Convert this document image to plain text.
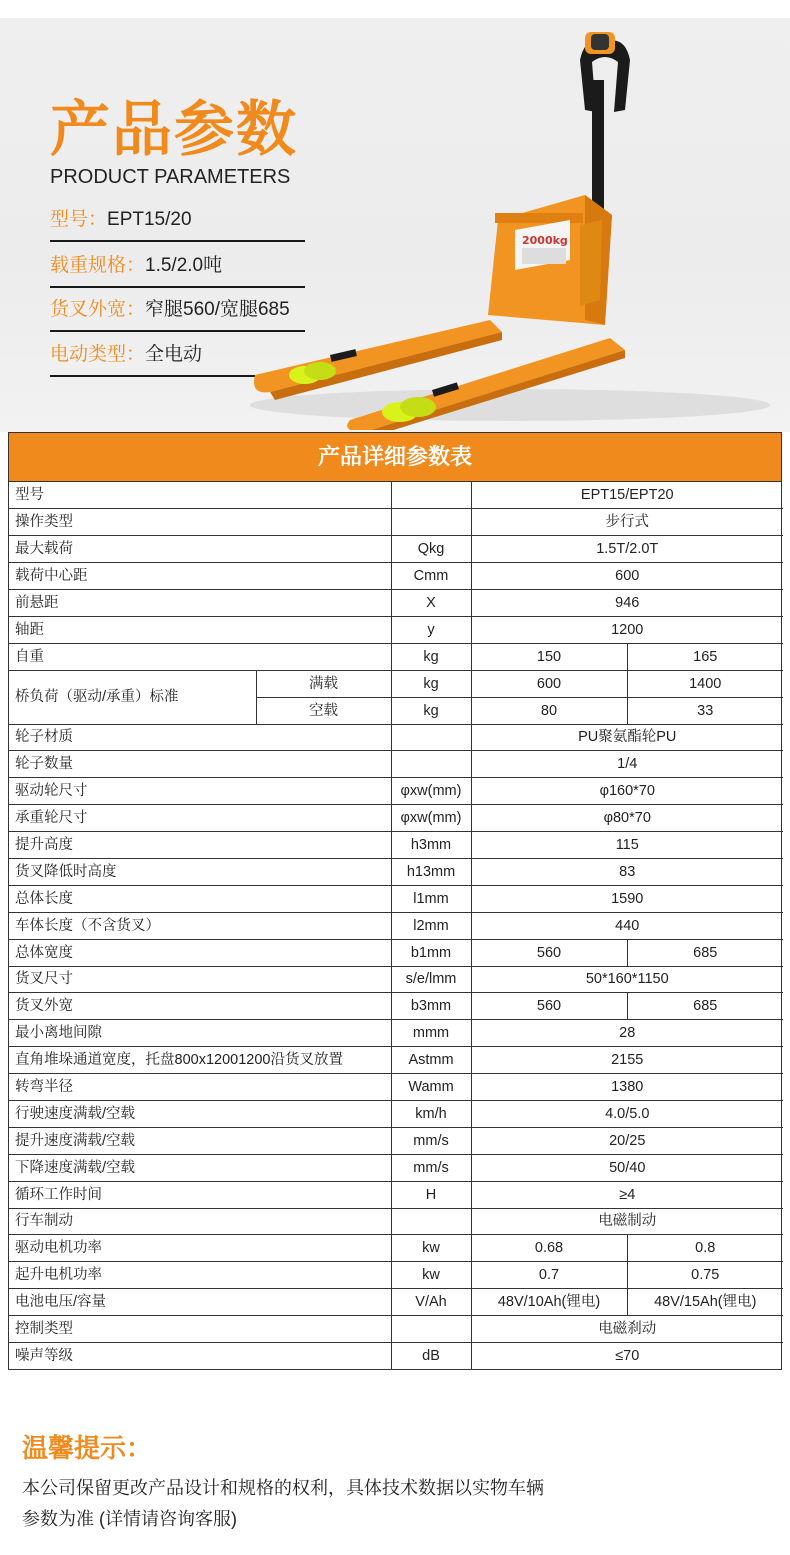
产品参数
PRODUCT PARAMETERS
型号：EPT15/20
载重规格：1.5/2.0吨
货叉外宽：窄腿560/宽腿685
电动类型：全电动
2000kg
产品详细参数表
型号			EPT15/EPT20	
操作类型			步行式	
最大载荷		Qkg	1.5T/2.0T	
载荷中心距		Cmm	600	
前悬距		X	946	
轴距		y	1200	
自重		kg	150	165
桥负荷（驱动/承重）标准	满载	kg	600	1400
	空载	kg	80	33
轮子材质			PU聚氨酯轮PU	
轮子数量			1/4	
驱动轮尺寸		φxw(mm)	φ160*70	
承重轮尺寸		φxw(mm)	φ80*70	
提升高度		h3mm	115	
货叉降低时高度		h13mm	83	
总体长度		l1mm	1590	
车体长度（不含货叉）		l2mm	440	
总体宽度		b1mm	560	685
货叉尺寸		s/e/lmm	50*160*1150	
货叉外宽		b3mm	560	685
最小离地间隙		mmm	28	
直角堆垛通道宽度，托盘800x12001200沿货叉放置		Astmm	2155	
转弯半径		Wamm	1380	
行驶速度满载/空载		km/h	4.0/5.0	
提升速度满载/空载		mm/s	20/25	
下降速度满载/空载		mm/s	50/40	
循环工作时间		H	≥4	
行车制动			电磁制动	
驱动电机功率		kw	0.68	0.8
起升电机功率		kw	0.7	0.75
电池电压/容量		V/Ah	48V/10Ah(锂电)	48V/15Ah(锂电)
控制类型			电磁刹动	
噪声等级		dB	≤70	
温馨提示：
本公司保留更改产品设计和规格的权利，具体技术数据以实物车辆
参数为准 (详情请咨询客服)
